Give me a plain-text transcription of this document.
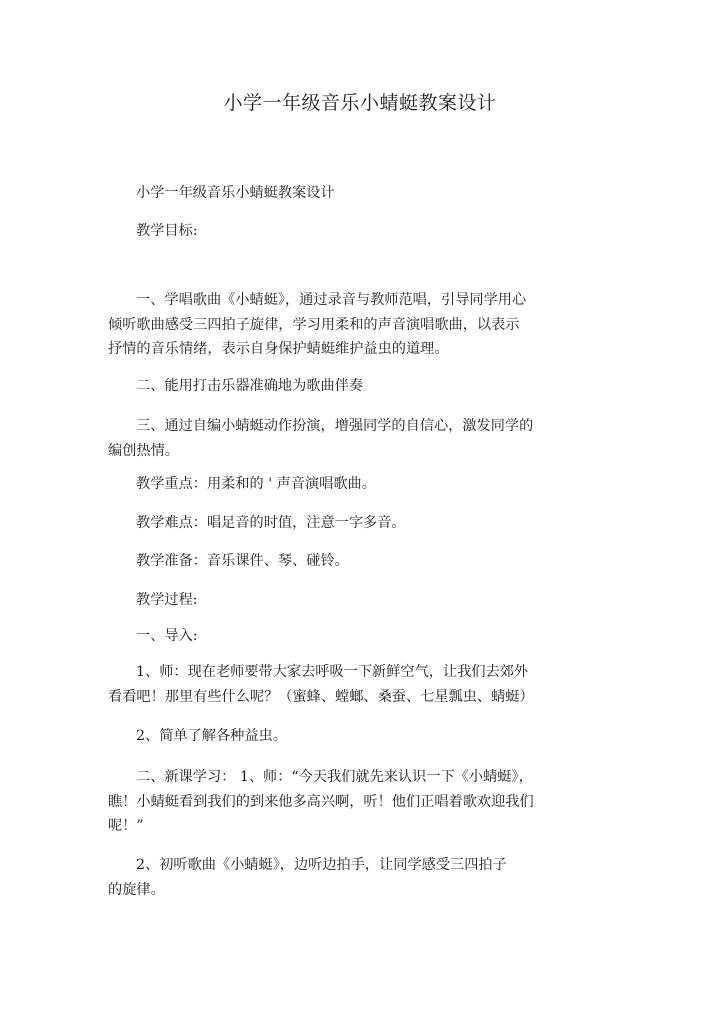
小学一年级音乐小蜻蜓教案设计
小学一年级音乐小蜻蜓教案设计
教学目标:
一、学唱歌曲《小蜻蜓》，通过录音与教师范唱，引导同学用心
倾听歌曲感受三四拍子旋律，学习用柔和的声音演唱歌曲，以表示
抒情的音乐情绪，表示自身保护蜻蜓维护益虫的道理。
二、能用打击乐器准确地为歌曲伴奏
三、通过自编小蜻蜓动作扮演，增强同学的自信心，激发同学的
编创热情。
教学重点：用柔和的 ' 声音演唱歌曲。
教学难点：唱足音的时值，注意一字多音。
教学准备：音乐课件、琴、碰铃。
教学过程:
一、导入:
1、师：现在老师要带大家去呼吸一下新鲜空气，让我们去郊外
看看吧！那里有些什么呢？（蜜蜂、螳螂、桑蚕、七星瓢虫、蜻蜓）
2、简单了解各种益虫。
二、新课学习： 1、师：“今天我们就先来认识一下《小蜻蜓》，
瞧！小蜻蜓看到我们的到来他多高兴啊，听！他们正唱着歌欢迎我们
呢！”
2、初听歌曲《小蜻蜓》，边听边拍手，让同学感受三四拍子
的旋律。
